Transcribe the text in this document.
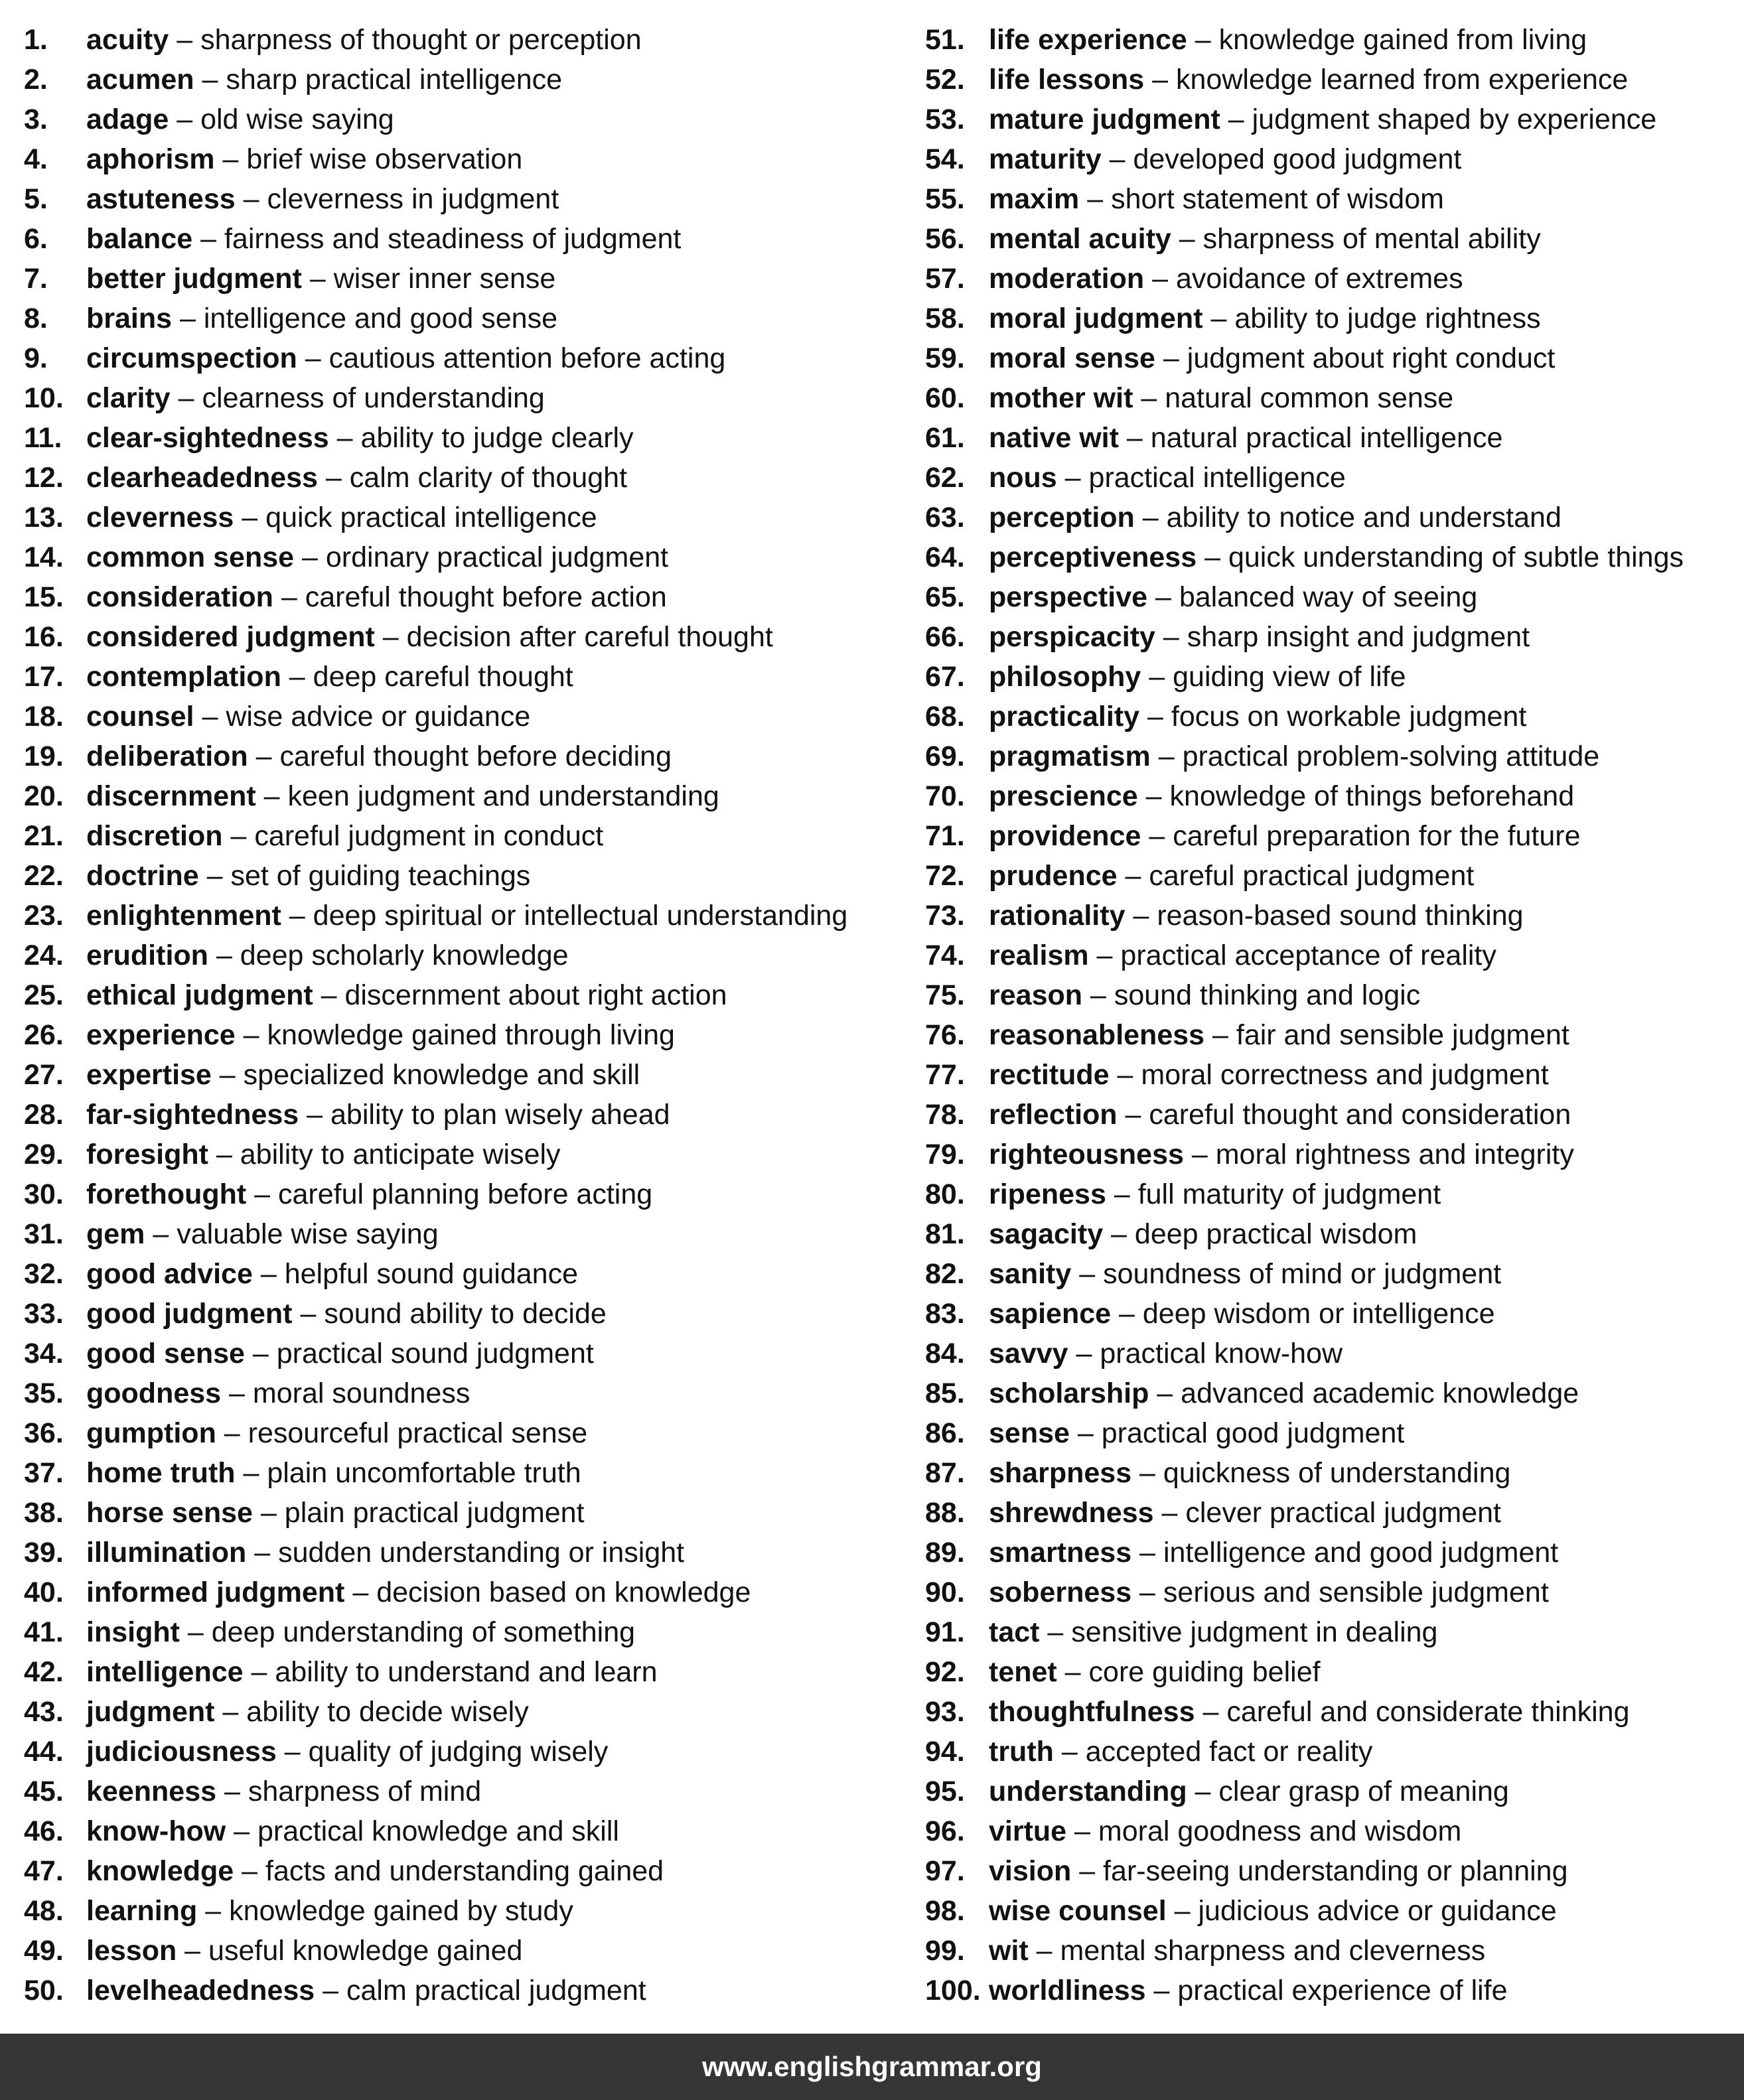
1. acuity – sharpness of thought or perception
2. acumen – sharp practical intelligence
3. adage – old wise saying
4. aphorism – brief wise observation
5. astuteness – cleverness in judgment
6. balance – fairness and steadiness of judgment
7. better judgment – wiser inner sense
8. brains – intelligence and good sense
9. circumspection – cautious attention before acting
10. clarity – clearness of understanding
11. clear-sightedness – ability to judge clearly
12. clearheadedness – calm clarity of thought
13. cleverness – quick practical intelligence
14. common sense – ordinary practical judgment
15. consideration – careful thought before action
16. considered judgment – decision after careful thought
17. contemplation – deep careful thought
18. counsel – wise advice or guidance
19. deliberation – careful thought before deciding
20. discernment – keen judgment and understanding
21. discretion – careful judgment in conduct
22. doctrine – set of guiding teachings
23. enlightenment – deep spiritual or intellectual understanding
24. erudition – deep scholarly knowledge
25. ethical judgment – discernment about right action
26. experience – knowledge gained through living
27. expertise – specialized knowledge and skill
28. far-sightedness – ability to plan wisely ahead
29. foresight – ability to anticipate wisely
30. forethought – careful planning before acting
31. gem – valuable wise saying
32. good advice – helpful sound guidance
33. good judgment – sound ability to decide
34. good sense – practical sound judgment
35. goodness – moral soundness
36. gumption – resourceful practical sense
37. home truth – plain uncomfortable truth
38. horse sense – plain practical judgment
39. illumination – sudden understanding or insight
40. informed judgment – decision based on knowledge
41. insight – deep understanding of something
42. intelligence – ability to understand and learn
43. judgment – ability to decide wisely
44. judiciousness – quality of judging wisely
45. keenness – sharpness of mind
46. know-how – practical knowledge and skill
47. knowledge – facts and understanding gained
48. learning – knowledge gained by study
49. lesson – useful knowledge gained
50. levelheadedness – calm practical judgment
51. life experience – knowledge gained from living
52. life lessons – knowledge learned from experience
53. mature judgment – judgment shaped by experience
54. maturity – developed good judgment
55. maxim – short statement of wisdom
56. mental acuity – sharpness of mental ability
57. moderation – avoidance of extremes
58. moral judgment – ability to judge rightness
59. moral sense – judgment about right conduct
60. mother wit – natural common sense
61. native wit – natural practical intelligence
62. nous – practical intelligence
63. perception – ability to notice and understand
64. perceptiveness – quick understanding of subtle things
65. perspective – balanced way of seeing
66. perspicacity – sharp insight and judgment
67. philosophy – guiding view of life
68. practicality – focus on workable judgment
69. pragmatism – practical problem-solving attitude
70. prescience – knowledge of things beforehand
71. providence – careful preparation for the future
72. prudence – careful practical judgment
73. rationality – reason-based sound thinking
74. realism – practical acceptance of reality
75. reason – sound thinking and logic
76. reasonableness – fair and sensible judgment
77. rectitude – moral correctness and judgment
78. reflection – careful thought and consideration
79. righteousness – moral rightness and integrity
80. ripeness – full maturity of judgment
81. sagacity – deep practical wisdom
82. sanity – soundness of mind or judgment
83. sapience – deep wisdom or intelligence
84. savvy – practical know-how
85. scholarship – advanced academic knowledge
86. sense – practical good judgment
87. sharpness – quickness of understanding
88. shrewdness – clever practical judgment
89. smartness – intelligence and good judgment
90. soberness – serious and sensible judgment
91. tact – sensitive judgment in dealing
92. tenet – core guiding belief
93. thoughtfulness – careful and considerate thinking
94. truth – accepted fact or reality
95. understanding – clear grasp of meaning
96. virtue – moral goodness and wisdom
97. vision – far-seeing understanding or planning
98. wise counsel – judicious advice or guidance
99. wit – mental sharpness and cleverness
100. worldliness – practical experience of life
www.englishgrammar.org
